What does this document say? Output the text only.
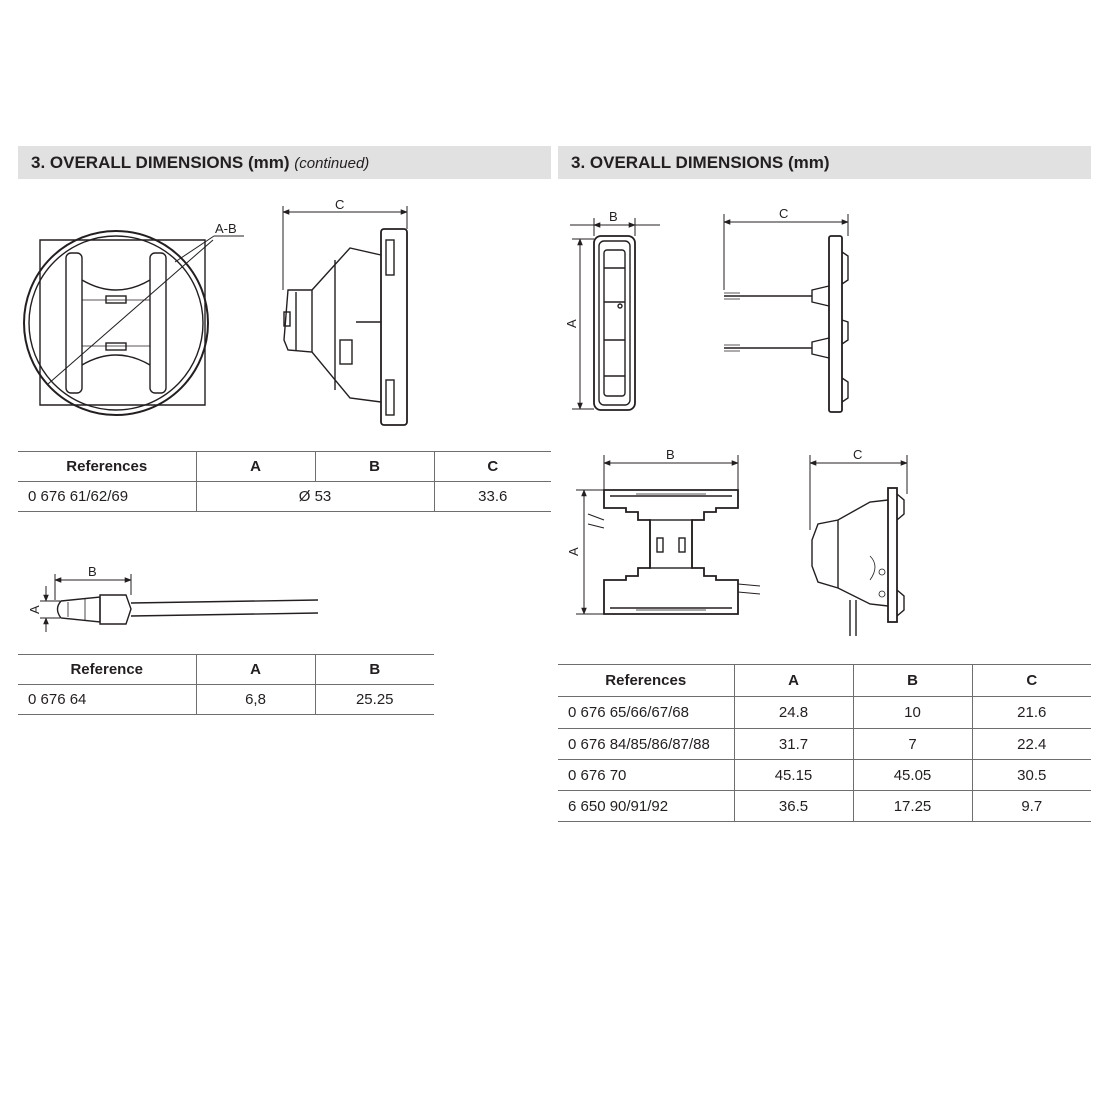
3. OVERALL DIMENSIONS (mm) (continued)	3. OVERALL DIMENSIONS (mm)
A-B
C
B
A
B
A
C
B
A
C
References	A	B	C
0 676 61/62/69	Ø 53		33.6
Reference	A	B
0 676 64	6,8	25.25
References	A	B	C
0 676 65/66/67/68	24.8	10	21.6
0 676 84/85/86/87/88	31.7	7	22.4
0 676 70	45.15	45.05	30.5
6 650 90/91/92	36.5	17.25	9.7
